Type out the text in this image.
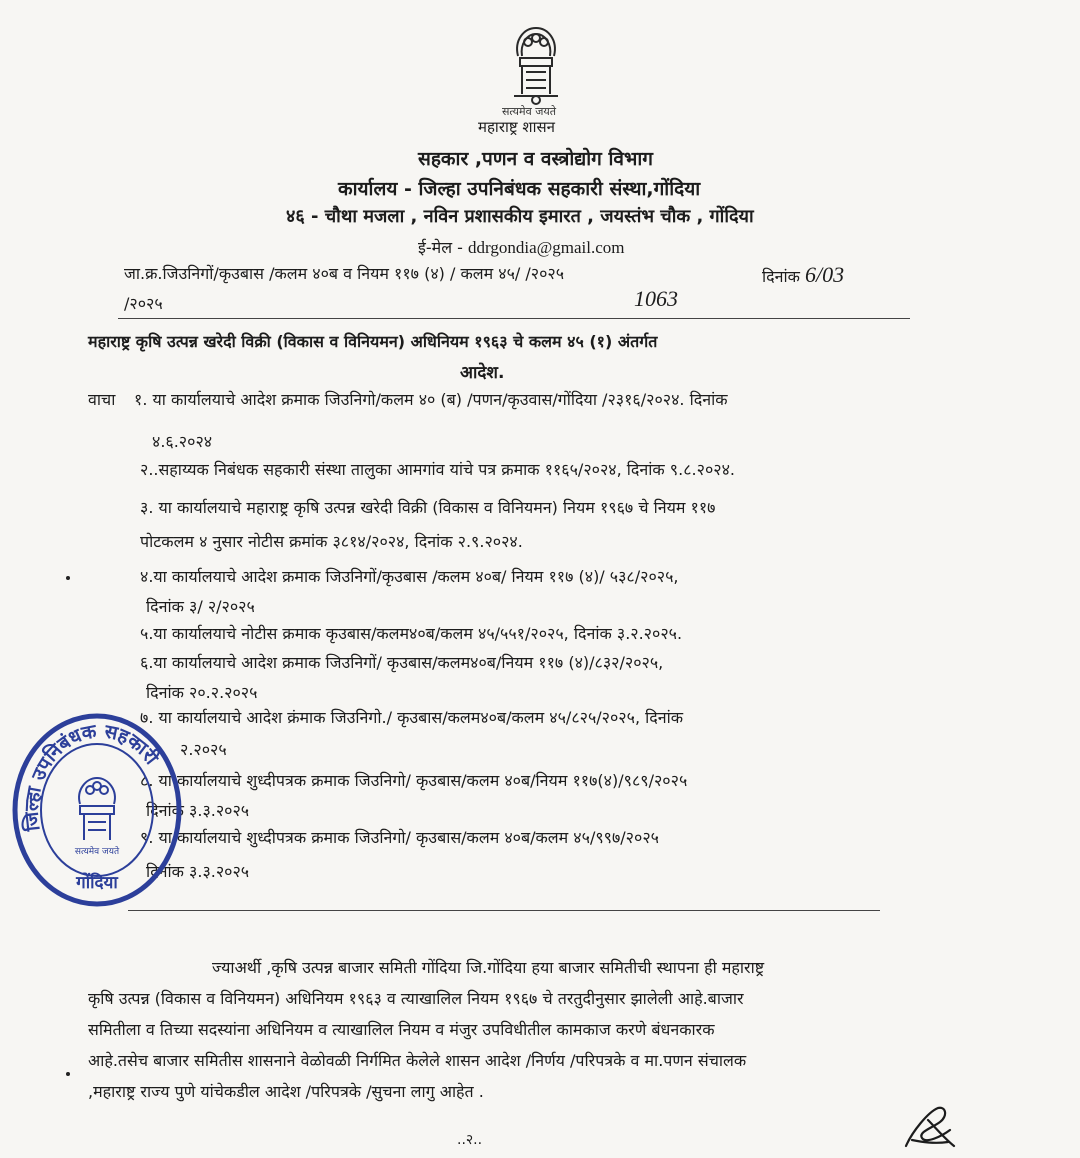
सत्यमेव जयते
महाराष्ट्र शासन
सहकार ,पणन व वस्त्रोद्योग विभाग
कार्यालय - जिल्हा उपनिबंधक सहकारी संस्था,गोंदिया
४६ - चौथा मजला , नविन प्रशासकीय इमारत , जयस्तंभ चौक , गोंदिया
ई-मेल - ddrgondia@gmail.com
जा.क्र.जिउनिगों/कृउबास /कलम ४०ब व नियम ११७ (४) / कलम ४५/ /२०२५	दिनांक 6/03
/२०२५	1063
महाराष्ट्र कृषि उत्पन्न खरेदी विक्री (विकास व विनियमन) अधिनियम १९६३ चे कलम ४५ (१) अंतर्गत
आदेश.
वाचा १. या कार्यालयाचे आदेश क्रमाक जिउनिगो/कलम ४० (ब) /पणन/कृउवास/गोंदिया /२३१६/२०२४. दिनांक
४.६.२०२४
२..सहाय्यक निबंधक सहकारी संस्था तालुका आमगांव यांचे पत्र क्रमाक ११६५/२०२४, दिनांक ९.८.२०२४.
३. या कार्यालयाचे महाराष्ट्र कृषि उत्पन्न खरेदी विक्री (विकास व विनियमन) नियम १९६७ चे नियम ११७
पोटकलम ४ नुसार नोटीस क्रमांक ३८१४/२०२४, दिनांक २.९.२०२४.
४.या कार्यालयाचे आदेश क्रमाक जिउनिगों/कृउबास /कलम ४०ब/ नियम ११७ (४)/ ५३८/२०२५,
दिनांक ३/ २/२०२५
५.या कार्यालयाचे नोटीस क्रमाक कृउबास/कलम४०ब/कलम ४५/५५१/२०२५, दिनांक ३.२.२०२५.
६.या कार्यालयाचे आदेश क्रमाक जिउनिगों/ कृउबास/कलम४०ब/नियम ११७ (४)/८३२/२०२५,
दिनांक २०.२.२०२५
७. या कार्यालयाचे आदेश क्रंमाक जिउनिगो./ कृउबास/कलम४०ब/कलम ४५/८२५/२०२५, दिनांक
२.२०२५
८. या कार्यालयाचे शुध्दीपत्रक क्रमाक जिउनिगो/ कृउबास/कलम ४०ब/नियम ११७(४)/९८९/२०२५
दिनांक ३.३.२०२५
९. या कार्यालयाचे शुध्दीपत्रक क्रमाक जिउनिगो/ कृउबास/कलम ४०ब/कलम ४५/९९७/२०२५
दिनांक ३.३.२०२५
ज्याअर्थी ,कृषि उत्पन्न बाजार समिती गोंदिया जि.गोंदिया हया बाजार समितीची स्थापना ही महाराष्ट्र
कृषि उत्पन्न (विकास व विनियमन) अधिनियम १९६३ व त्याखालिल नियम १९६७ चे तरतुदीनुसार झालेली आहे.बाजार
समितीला व तिच्या सदस्यांना अधिनियम व त्याखालिल नियम व मंजुर उपविधीतील कामकाज करणे बंधनकारक
आहे.तसेच बाजार समितीस शासनाने वेळोवळी निर्गमित केलेले शासन आदेश /निर्णय /परिपत्रके व मा.पणन संचालक
,महाराष्ट्र राज्य पुणे यांचेकडील आदेश /परिपत्रके /सुचना लागु आहेत .
..२..
जिल्हा उपनिबंधक सहकारी
सत्यमेव जयते
गोंदिया
